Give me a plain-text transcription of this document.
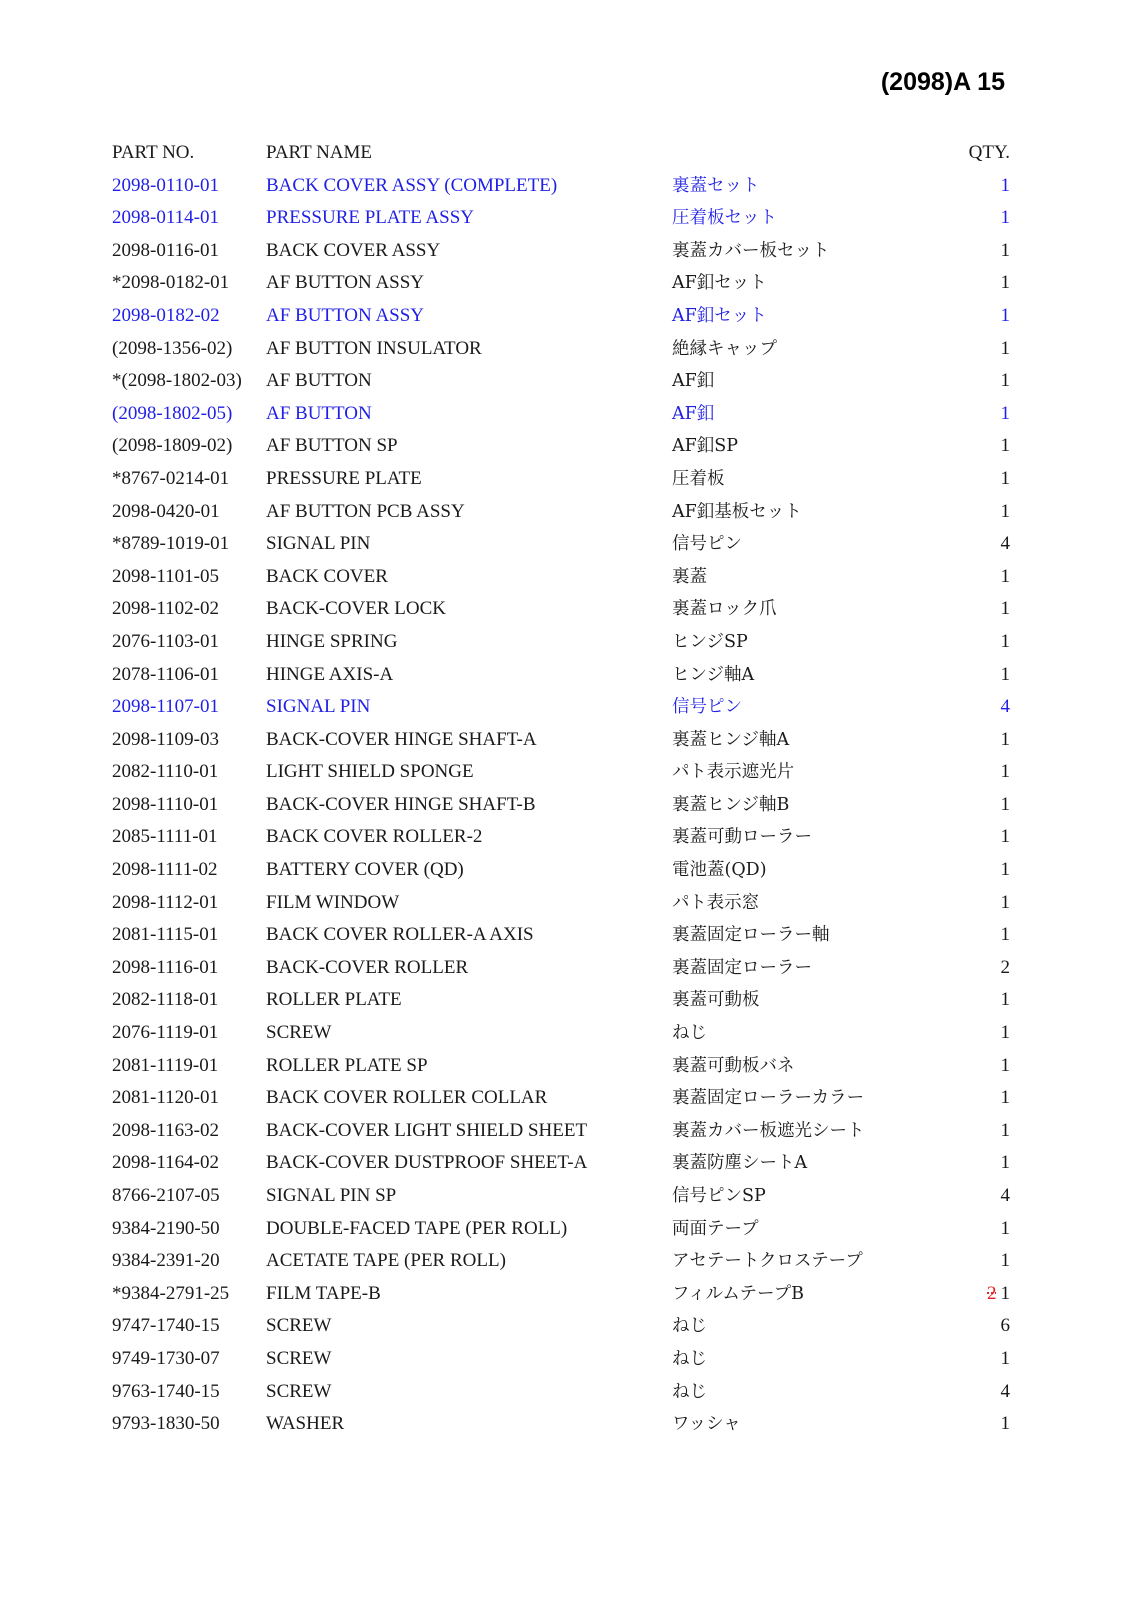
(2098)A 15
PART NO.	PART NAME	QTY.
2098-0110-01 BACK COVER ASSY (COMPLETE)	裏蓋セット	1
2098-0114-01 PRESSURE PLATE ASSY	圧着板セット	1
2098-0116-01 BACK COVER ASSY	裏蓋カバー板セット	1
*2098-0182-01 AF BUTTON ASSY	AF釦セット	1
2098-0182-02 AF BUTTON ASSY	AF釦セット	1
(2098-1356-02) AF BUTTON INSULATOR	絶縁キャップ	1
*(2098-1802-03) AF BUTTON	AF釦	1
(2098-1802-05) AF BUTTON	AF釦	1
(2098-1809-02) AF BUTTON SP	AF釦SP	1
*8767-0214-01 PRESSURE PLATE	圧着板	1
2098-0420-01 AF BUTTON PCB ASSY	AF釦基板セット	1
*8789-1019-01 SIGNAL PIN	信号ピン	4
2098-1101-05 BACK COVER	裏蓋	1
2098-1102-02 BACK-COVER LOCK	裏蓋ロック爪	1
2076-1103-01 HINGE SPRING	ヒンジSP	1
2078-1106-01 HINGE AXIS-A	ヒンジ軸A	1
2098-1107-01 SIGNAL PIN	信号ピン	4
2098-1109-03 BACK-COVER HINGE SHAFT-A	裏蓋ヒンジ軸A	1
2082-1110-01	LIGHT SHIELD SPONGE	パト表示遮光片	1
2098-1110-01	BACK-COVER HINGE SHAFT-B	裏蓋ヒンジ軸B	1
2085-1111-01	BACK COVER ROLLER-2	裏蓋可動ローラー	1
2098-1111-02	BATTERY COVER (QD)	電池蓋(QD)	1
2098-1112-01	FILM WINDOW	パト表示窓	1
2081-1115-01	BACK COVER ROLLER-A AXIS	裏蓋固定ローラー軸	1
2098-1116-01	BACK-COVER ROLLER	裏蓋固定ローラー	2
2082-1118-01	ROLLER PLATE	裏蓋可動板	1
2076-1119-01	SCREW	ねじ	1
2081-1119-01	ROLLER PLATE SP	裏蓋可動板バネ	1
2081-1120-01 BACK COVER ROLLER COLLAR	裏蓋固定ローラーカラー	1
2098-1163-02 BACK-COVER LIGHT SHIELD SHEET	裏蓋カバー板遮光シート	1
2098-1164-02 BACK-COVER DUSTPROOF SHEET-A	裏蓋防塵シートA	1
8766-2107-05 SIGNAL PIN SP	信号ピンSP	4
9384-2190-50 DOUBLE-FACED TAPE (PER ROLL)	両面テープ	1
9384-2391-20 ACETATE TAPE (PER ROLL)	アセテートクロステープ	1
*9384-2791-25 FILM TAPE-B	フィルムテープB	2 1
9747-1740-15 SCREW	ねじ	6
9749-1730-07 SCREW	ねじ	1
9763-1740-15 SCREW	ねじ	4
9793-1830-50 WASHER	ワッシャ	1
